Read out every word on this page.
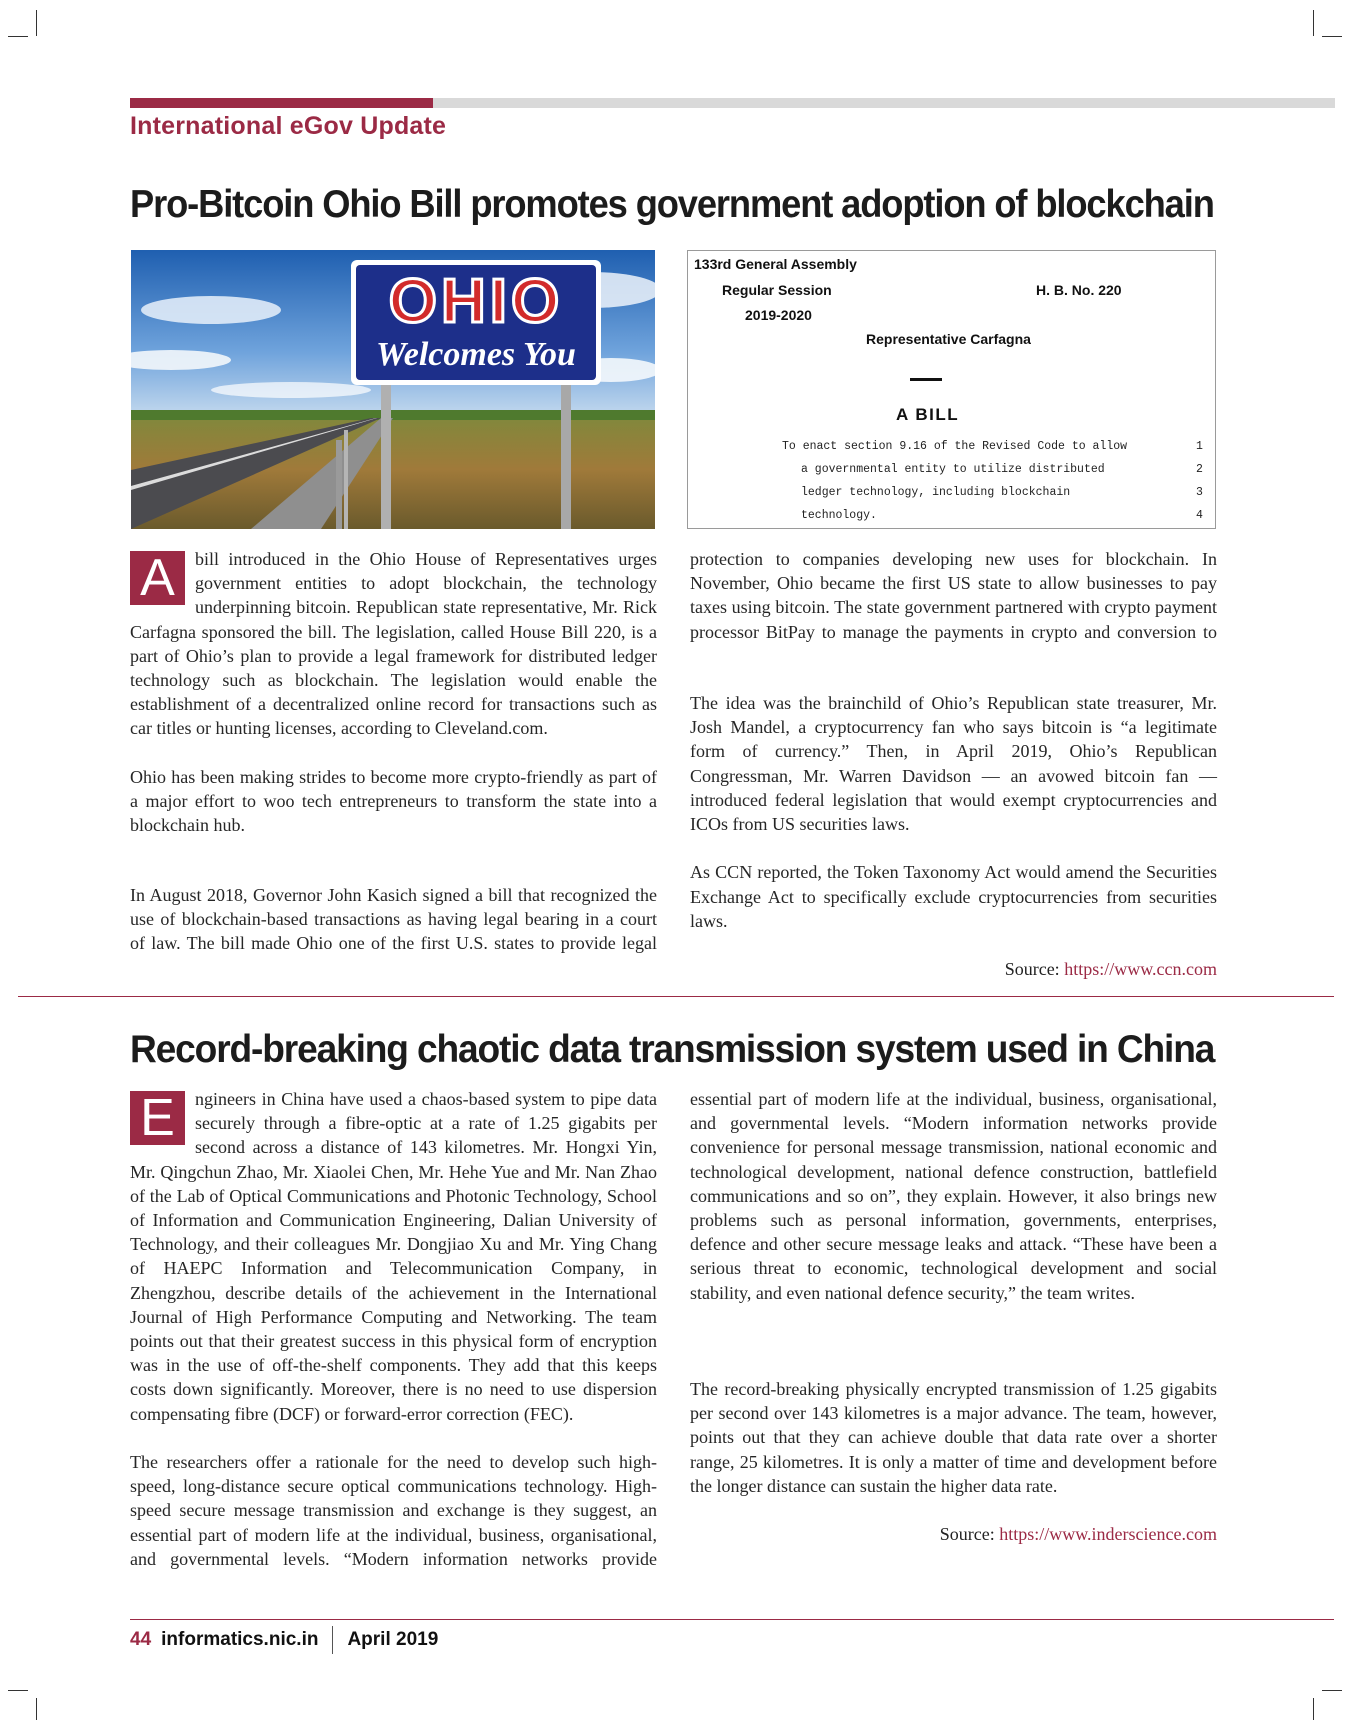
International eGov Update
Pro-Bitcoin Ohio Bill promotes government adoption of blockchain
OHIO
Welcomes You
133rd General Assembly
Regular Session	H. B. No. 220
2019-2020
Representative Carfagna
A BILL
To enact section 9.16 of the Revised Code to allow	1
a governmental entity to utilize distributed	2
ledger technology, including blockchain	3
technology.	4

A	bill introduced in the Ohio House of Representatives urges government entities to adopt blockchain, the technology underpinning bitcoin. Republican state representative, Mr. Rick Carfagna sponsored the bill. The legislation, called House Bill 220, is a part of Ohio’s plan to provide a legal framework for distributed ledger technology such as blockchain. The legislation would enable the establishment of a decentralized online record for transactions such as car titles or hunting licenses, according to Cleveland.com.

Ohio has been making strides to become more crypto-friendly as part of a major effort to woo tech entrepreneurs to transform the state into a blockchain hub.

In August 2018, Governor John Kasich signed a bill that recognized the use of blockchain-based transactions as having legal bearing in a court of law. The bill made Ohio one of the first U.S. states to provide legal

protection to companies developing new uses for blockchain. In November, Ohio became the first US state to allow businesses to pay taxes using bitcoin. The state government partnered with crypto payment processor BitPay to manage the payments in crypto and conversion to

The idea was the brainchild of Ohio’s Republican state treasurer, Mr. Josh Mandel, a cryptocurrency fan who says bitcoin is “a legitimate form of currency.” Then, in April 2019, Ohio’s Republican Congressman, Mr. Warren Davidson — an avowed bitcoin fan — introduced federal legislation that would exempt cryptocurrencies and ICOs from US securities laws.

As CCN reported, the Token Taxonomy Act would amend the Securities Exchange Act to specifically exclude cryptocurrencies from securities laws.

Source: https://www.ccn.com
Record-breaking chaotic data transmission system used in China

E	ngineers in China have used a chaos-based system to pipe data securely through a fibre-optic at a rate of 1.25 gigabits per second across a distance of 143 kilometres. Mr. Hongxi Yin, Mr. Qingchun Zhao, Mr. Xiaolei Chen, Mr. Hehe Yue and Mr. Nan Zhao of the Lab of Optical Communications and Photonic Technology, School of Information and Communication Engineering, Dalian University of Technology, and their colleagues Mr. Dongjiao Xu and Mr. Ying Chang of HAEPC Information and Telecommunication Company, in Zhengzhou, describe details of the achievement in the International Journal of High Performance Computing and Networking. The team points out that their greatest success in this physical form of encryption was in the use of off-the-shelf components. They add that this keeps costs down significantly. Moreover, there is no need to use dispersion compensating fibre (DCF) or forward-error correction (FEC).

The researchers offer a rationale for the need to develop such high-speed, long-distance secure optical communications technology. High-speed secure message transmission and exchange is they suggest, an essential part of modern life at the individual, business, organisational, and governmental levels. “Modern information networks provide

essential part of modern life at the individual, business, organisational, and governmental levels. “Modern information networks provide convenience for personal message transmission, national economic and technological development, national defence construction, battlefield communications and so on”, they explain. However, it also brings new problems such as personal information, governments, enterprises, defence and other secure message leaks and attack. “These have been a serious threat to economic, technological development and social stability, and even national defence security,” the team writes.

The record-breaking physically encrypted transmission of 1.25 gigabits per second over 143 kilometres is a major advance. The team, however, points out that they can achieve double that data rate over a shorter range, 25 kilometres. It is only a matter of time and development before the longer distance can sustain the higher data rate.

Source: https://www.inderscience.com
44 informatics.nic.in April 2019
